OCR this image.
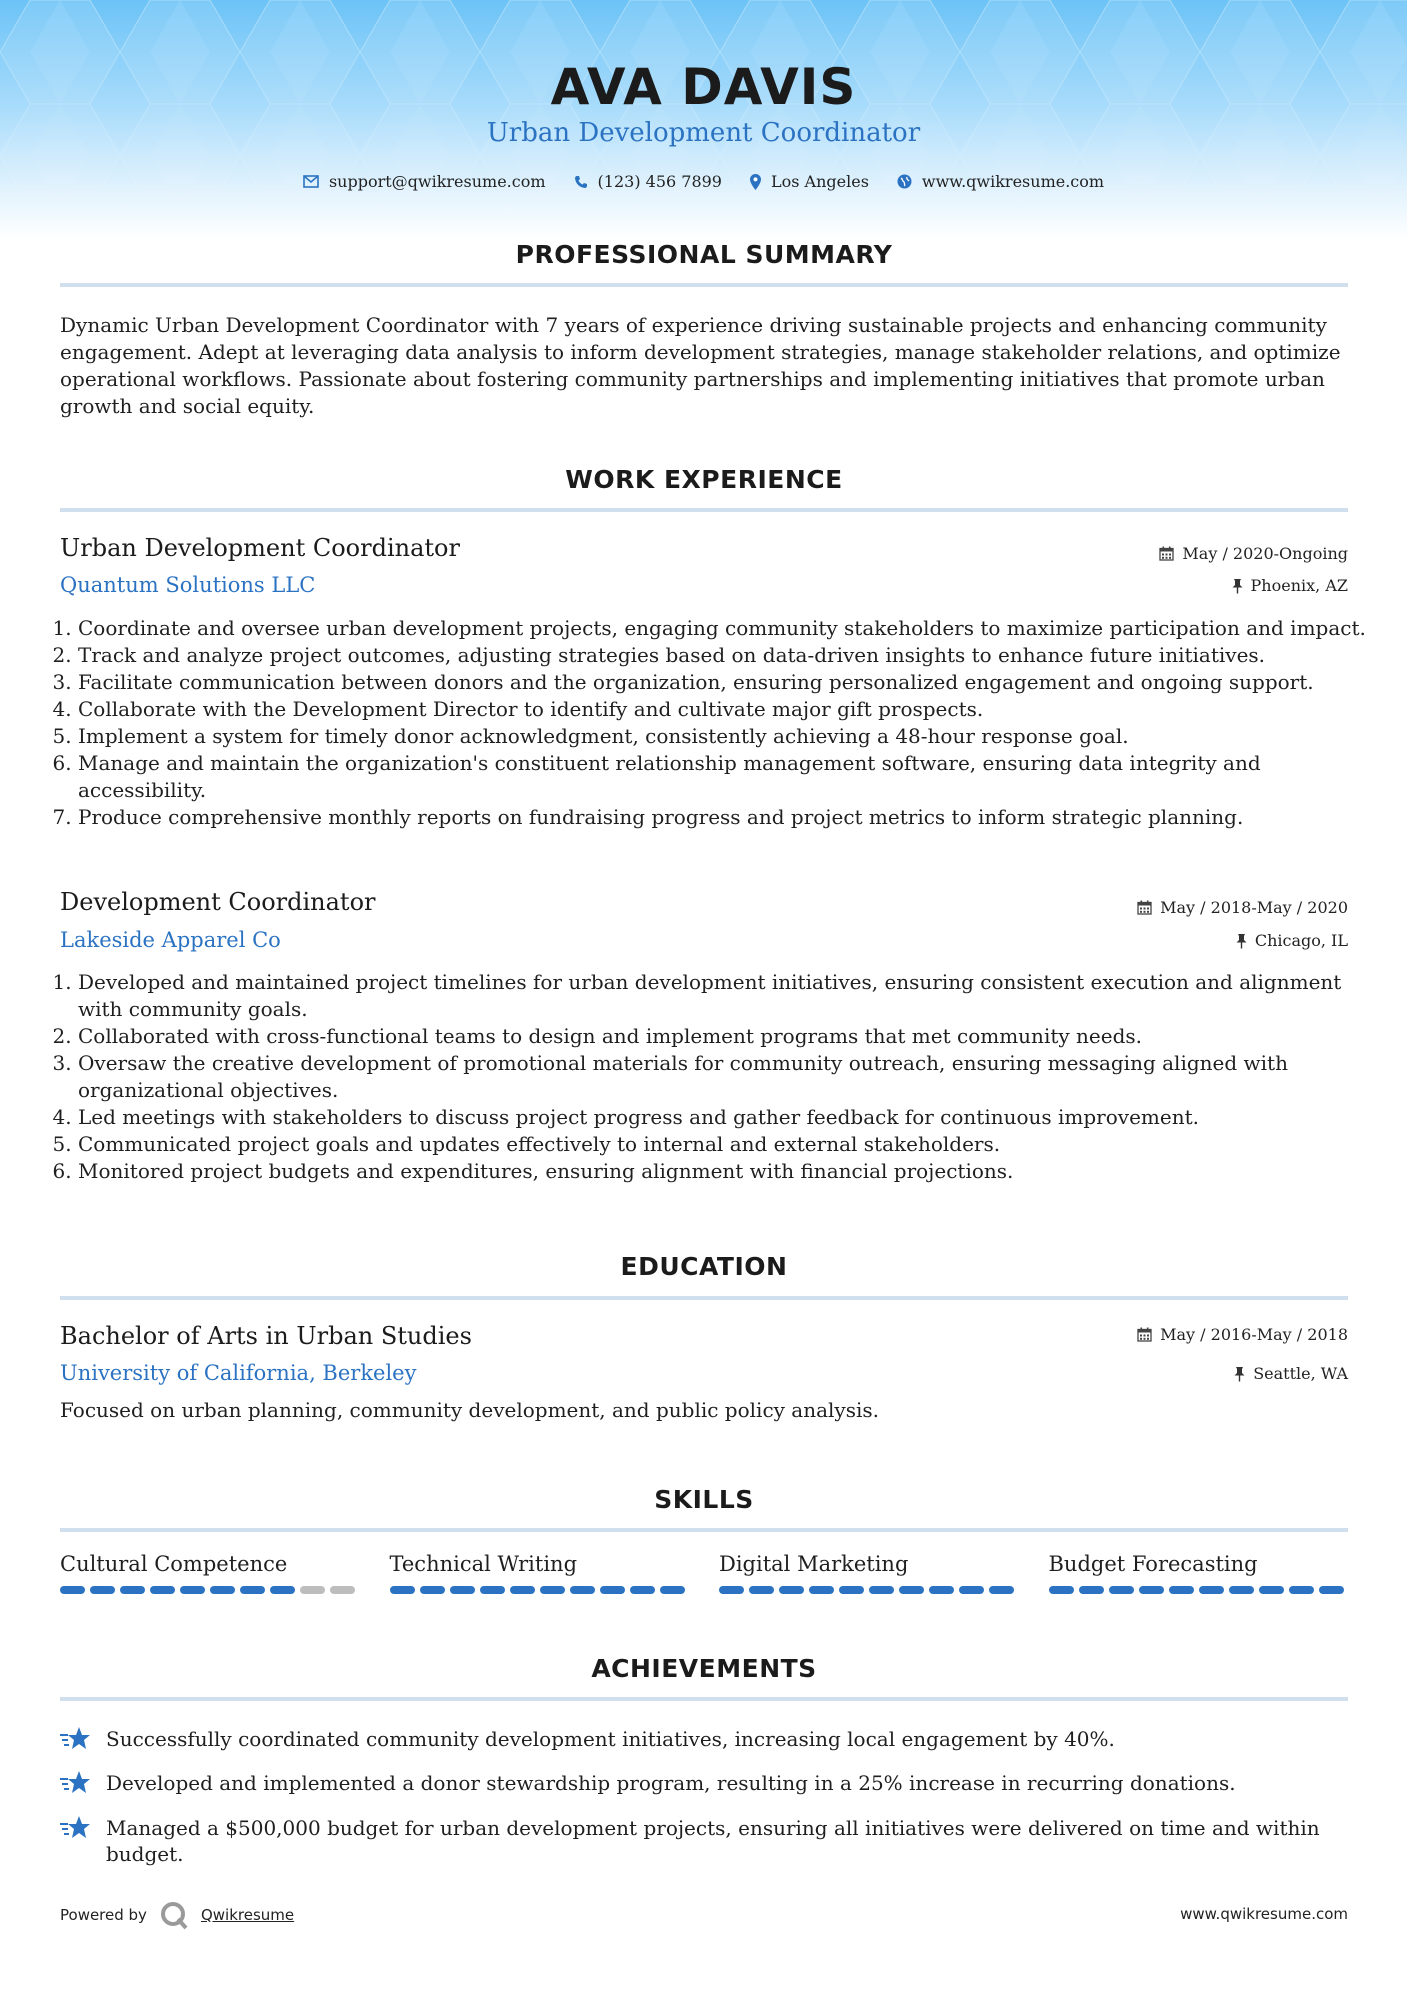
AVA DAVIS
Urban Development Coordinator
support@qwikresume.com	(123) 456 7899	Los Angeles	www.qwikresume.com
PROFESSIONAL SUMMARY
Dynamic Urban Development Coordinator with 7 years of experience driving sustainable projects and enhancing community engagement. Adept at leveraging data analysis to inform development strategies, manage stakeholder relations, and optimize operational workflows. Passionate about fostering community partnerships and implementing initiatives that promote urban growth and social equity.
WORK EXPERIENCE
Urban Development Coordinator	May / 2020-Ongoing
Quantum Solutions LLC	Phoenix, AZ
1. Coordinate and oversee urban development projects, engaging community stakeholders to maximize participation and impact.
2. Track and analyze project outcomes, adjusting strategies based on data-driven insights to enhance future initiatives.
3. Facilitate communication between donors and the organization, ensuring personalized engagement and ongoing support.
4. Collaborate with the Development Director to identify and cultivate major gift prospects.
5. Implement a system for timely donor acknowledgment, consistently achieving a 48-hour response goal.
6. Manage and maintain the organization's constituent relationship management software, ensuring data integrity and accessibility.
7. Produce comprehensive monthly reports on fundraising progress and project metrics to inform strategic planning.
Development Coordinator	May / 2018-May / 2020
Lakeside Apparel Co	Chicago, IL
1. Developed and maintained project timelines for urban development initiatives, ensuring consistent execution and alignment with community goals.
2. Collaborated with cross-functional teams to design and implement programs that met community needs.
3. Oversaw the creative development of promotional materials for community outreach, ensuring messaging aligned with organizational objectives.
4. Led meetings with stakeholders to discuss project progress and gather feedback for continuous improvement.
5. Communicated project goals and updates effectively to internal and external stakeholders.
6. Monitored project budgets and expenditures, ensuring alignment with financial projections.
EDUCATION
Bachelor of Arts in Urban Studies	May / 2016-May / 2018
University of California, Berkeley	Seattle, WA
Focused on urban planning, community development, and public policy analysis.
SKILLS
Cultural Competence	Technical Writing	Digital Marketing	Budget Forecasting
ACHIEVEMENTS
Successfully coordinated community development initiatives, increasing local engagement by 40%.
Developed and implemented a donor stewardship program, resulting in a 25% increase in recurring donations.
Managed a $500,000 budget for urban development projects, ensuring all initiatives were delivered on time and within budget.
Powered by	Qwikresume	www.qwikresume.com
